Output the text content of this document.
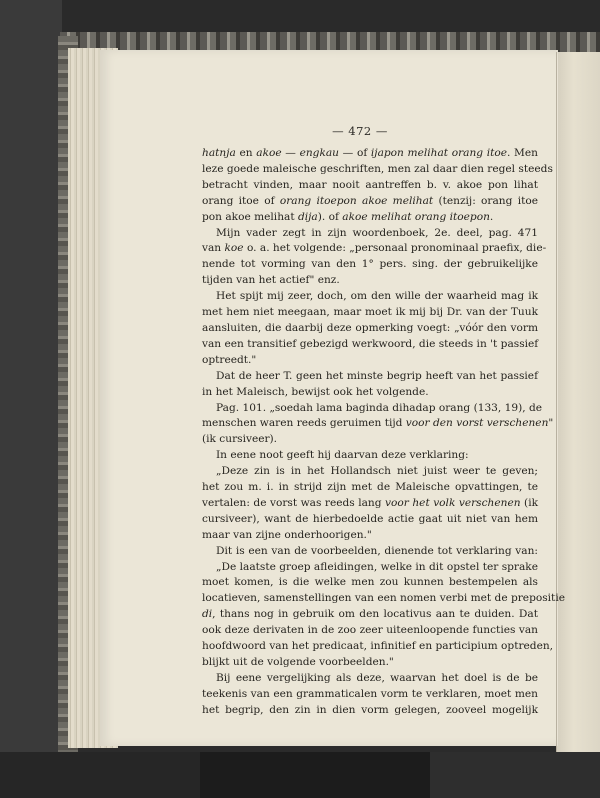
— 472 —
hatnja en akoe — engkau — of ijapon melihat orang itoe. Men
leze goede maleische geschriften, men zal daar dien regel steeds
betracht vinden, maar nooit aantreffen b. v. akoe pon lihat
orang itoe of orang itoepon akoe melihat (tenzij: orang itoe
pon akoe melihat dija). of akoe melihat orang itoepon.
Mijn vader zegt in zijn woordenboek, 2e. deel, pag. 471
van koe o. a. het volgende: „personaal pronominaal praefix, die-
nende tot vorming van den 1° pers. sing. der gebruikelijke
tijden van het actief" enz.
Het spijt mij zeer, doch, om den wille der waarheid mag ik
met hem niet meegaan, maar moet ik mij bij Dr. van der Tuuk
aansluiten, die daarbij deze opmerking voegt: „vóór den vorm
van een transitief gebezigd werkwoord, die steeds in 't passief
optreedt."
Dat de heer T. geen het minste begrip heeft van het passief
in het Maleisch, bewijst ook het volgende.
Pag. 101. „soedah lama baginda dihadap orang (133, 19), de
menschen waren reeds geruimen tijd voor den vorst verschenen"
(ik cursiveer).
In eene noot geeft hij daarvan deze verklaring:
„Deze zin is in het Hollandsch niet juist weer te geven;
het zou m. i. in strijd zijn met de Maleische opvattingen, te
vertalen: de vorst was reeds lang voor het volk verschenen (ik
cursiveer), want de hierbedoelde actie gaat uit niet van hem
maar van zijne onderhoorigen."
Dit is een van de voorbeelden, dienende tot verklaring van:
„De laatste groep afleidingen, welke in dit opstel ter sprake
moet komen, is die welke men zou kunnen bestempelen als
locatieven, samenstellingen van een nomen verbi met de prepositie
di, thans nog in gebruik om den locativus aan te duiden. Dat
ook deze derivaten in de zoo zeer uiteenloopende functies van
hoofdwoord van het predicaat, infinitief en participium optreden,
blijkt uit de volgende voorbeelden."
Bij eene vergelijking als deze, waarvan het doel is de be
teekenis van een grammaticalen vorm te verklaren, moet men
het begrip, den zin in dien vorm gelegen, zooveel mogelijk
